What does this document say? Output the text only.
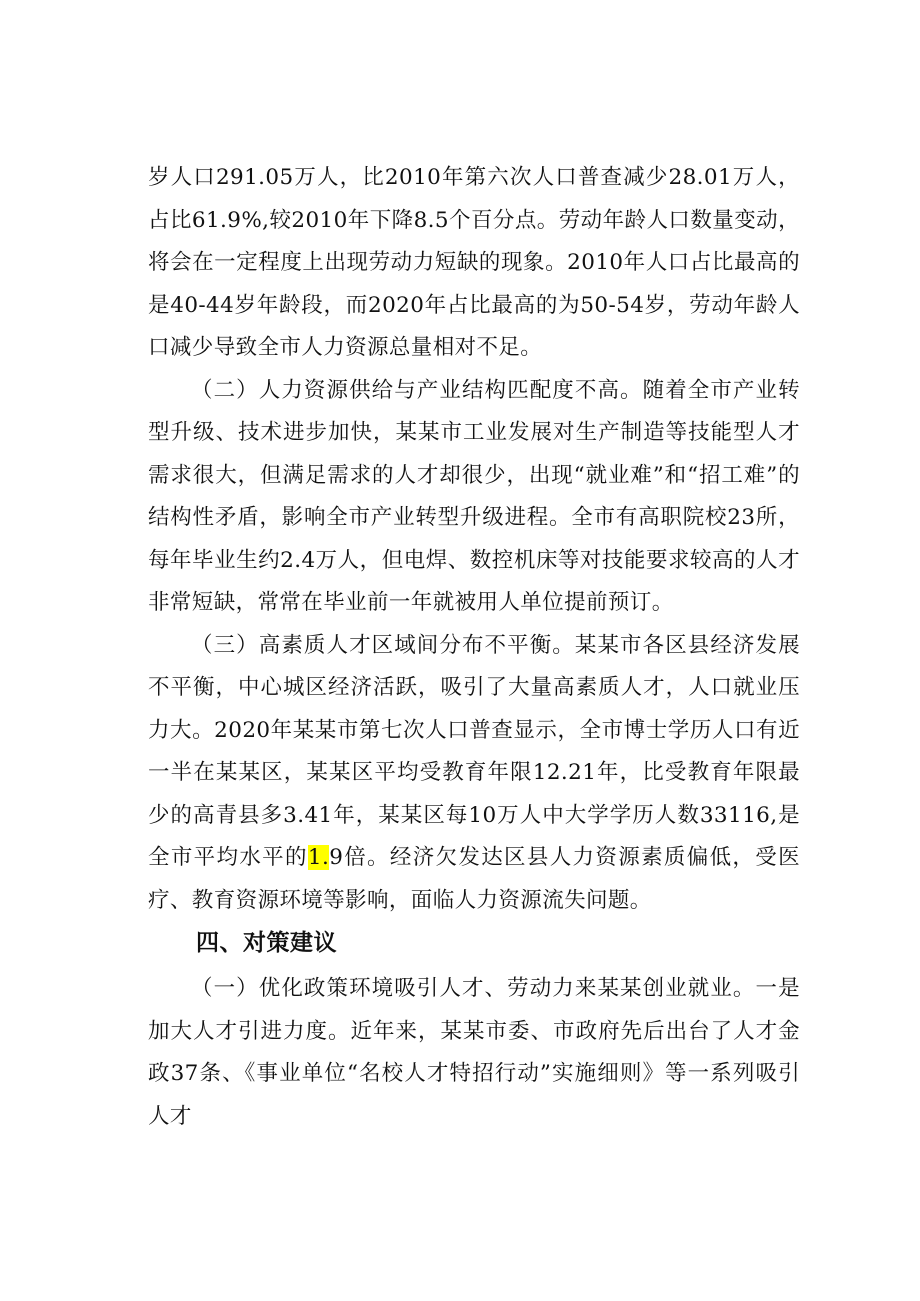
岁人口291.05万人，比2010年第六次人口普查减少28.01万人，占比61.9%,较2010年下降8.5个百分点。劳动年龄人口数量变动，将会在一定程度上出现劳动力短缺的现象。2010年人口占比最高的是40-44岁年龄段，而2020年占比最高的为50-54岁，劳动年龄人口减少导致全市人力资源总量相对不足。

（二）人力资源供给与产业结构匹配度不高。随着全市产业转型升级、技术进步加快，某某市工业发展对生产制造等技能型人才需求很大，但满足需求的人才却很少，出现“就业难”和“招工难”的结构性矛盾，影响全市产业转型升级进程。全市有高职院校23所，每年毕业生约2.4万人，但电焊、数控机床等对技能要求较高的人才非常短缺，常常在毕业前一年就被用人单位提前预订。

（三）高素质人才区域间分布不平衡。某某市各区县经济发展不平衡，中心城区经济活跃，吸引了大量高素质人才，人口就业压力大。2020年某某市第七次人口普查显示，全市博士学历人口有近一半在某某区，某某区平均受教育年限12.21年，比受教育年限最少的高青县多3.41年，某某区每10万人中大学学历人数33116,是全市平均水平的1.9倍。经济欠发达区县人力资源素质偏低，受医疗、教育资源环境等影响，面临人力资源流失问题。

四、对策建议

（一）优化政策环境吸引人才、劳动力来某某创业就业。一是加大人才引进力度。近年来，某某市委、市政府先后出台了人才金政37条、《事业单位“名校人才特招行动”实施细则》等一系列吸引人才
